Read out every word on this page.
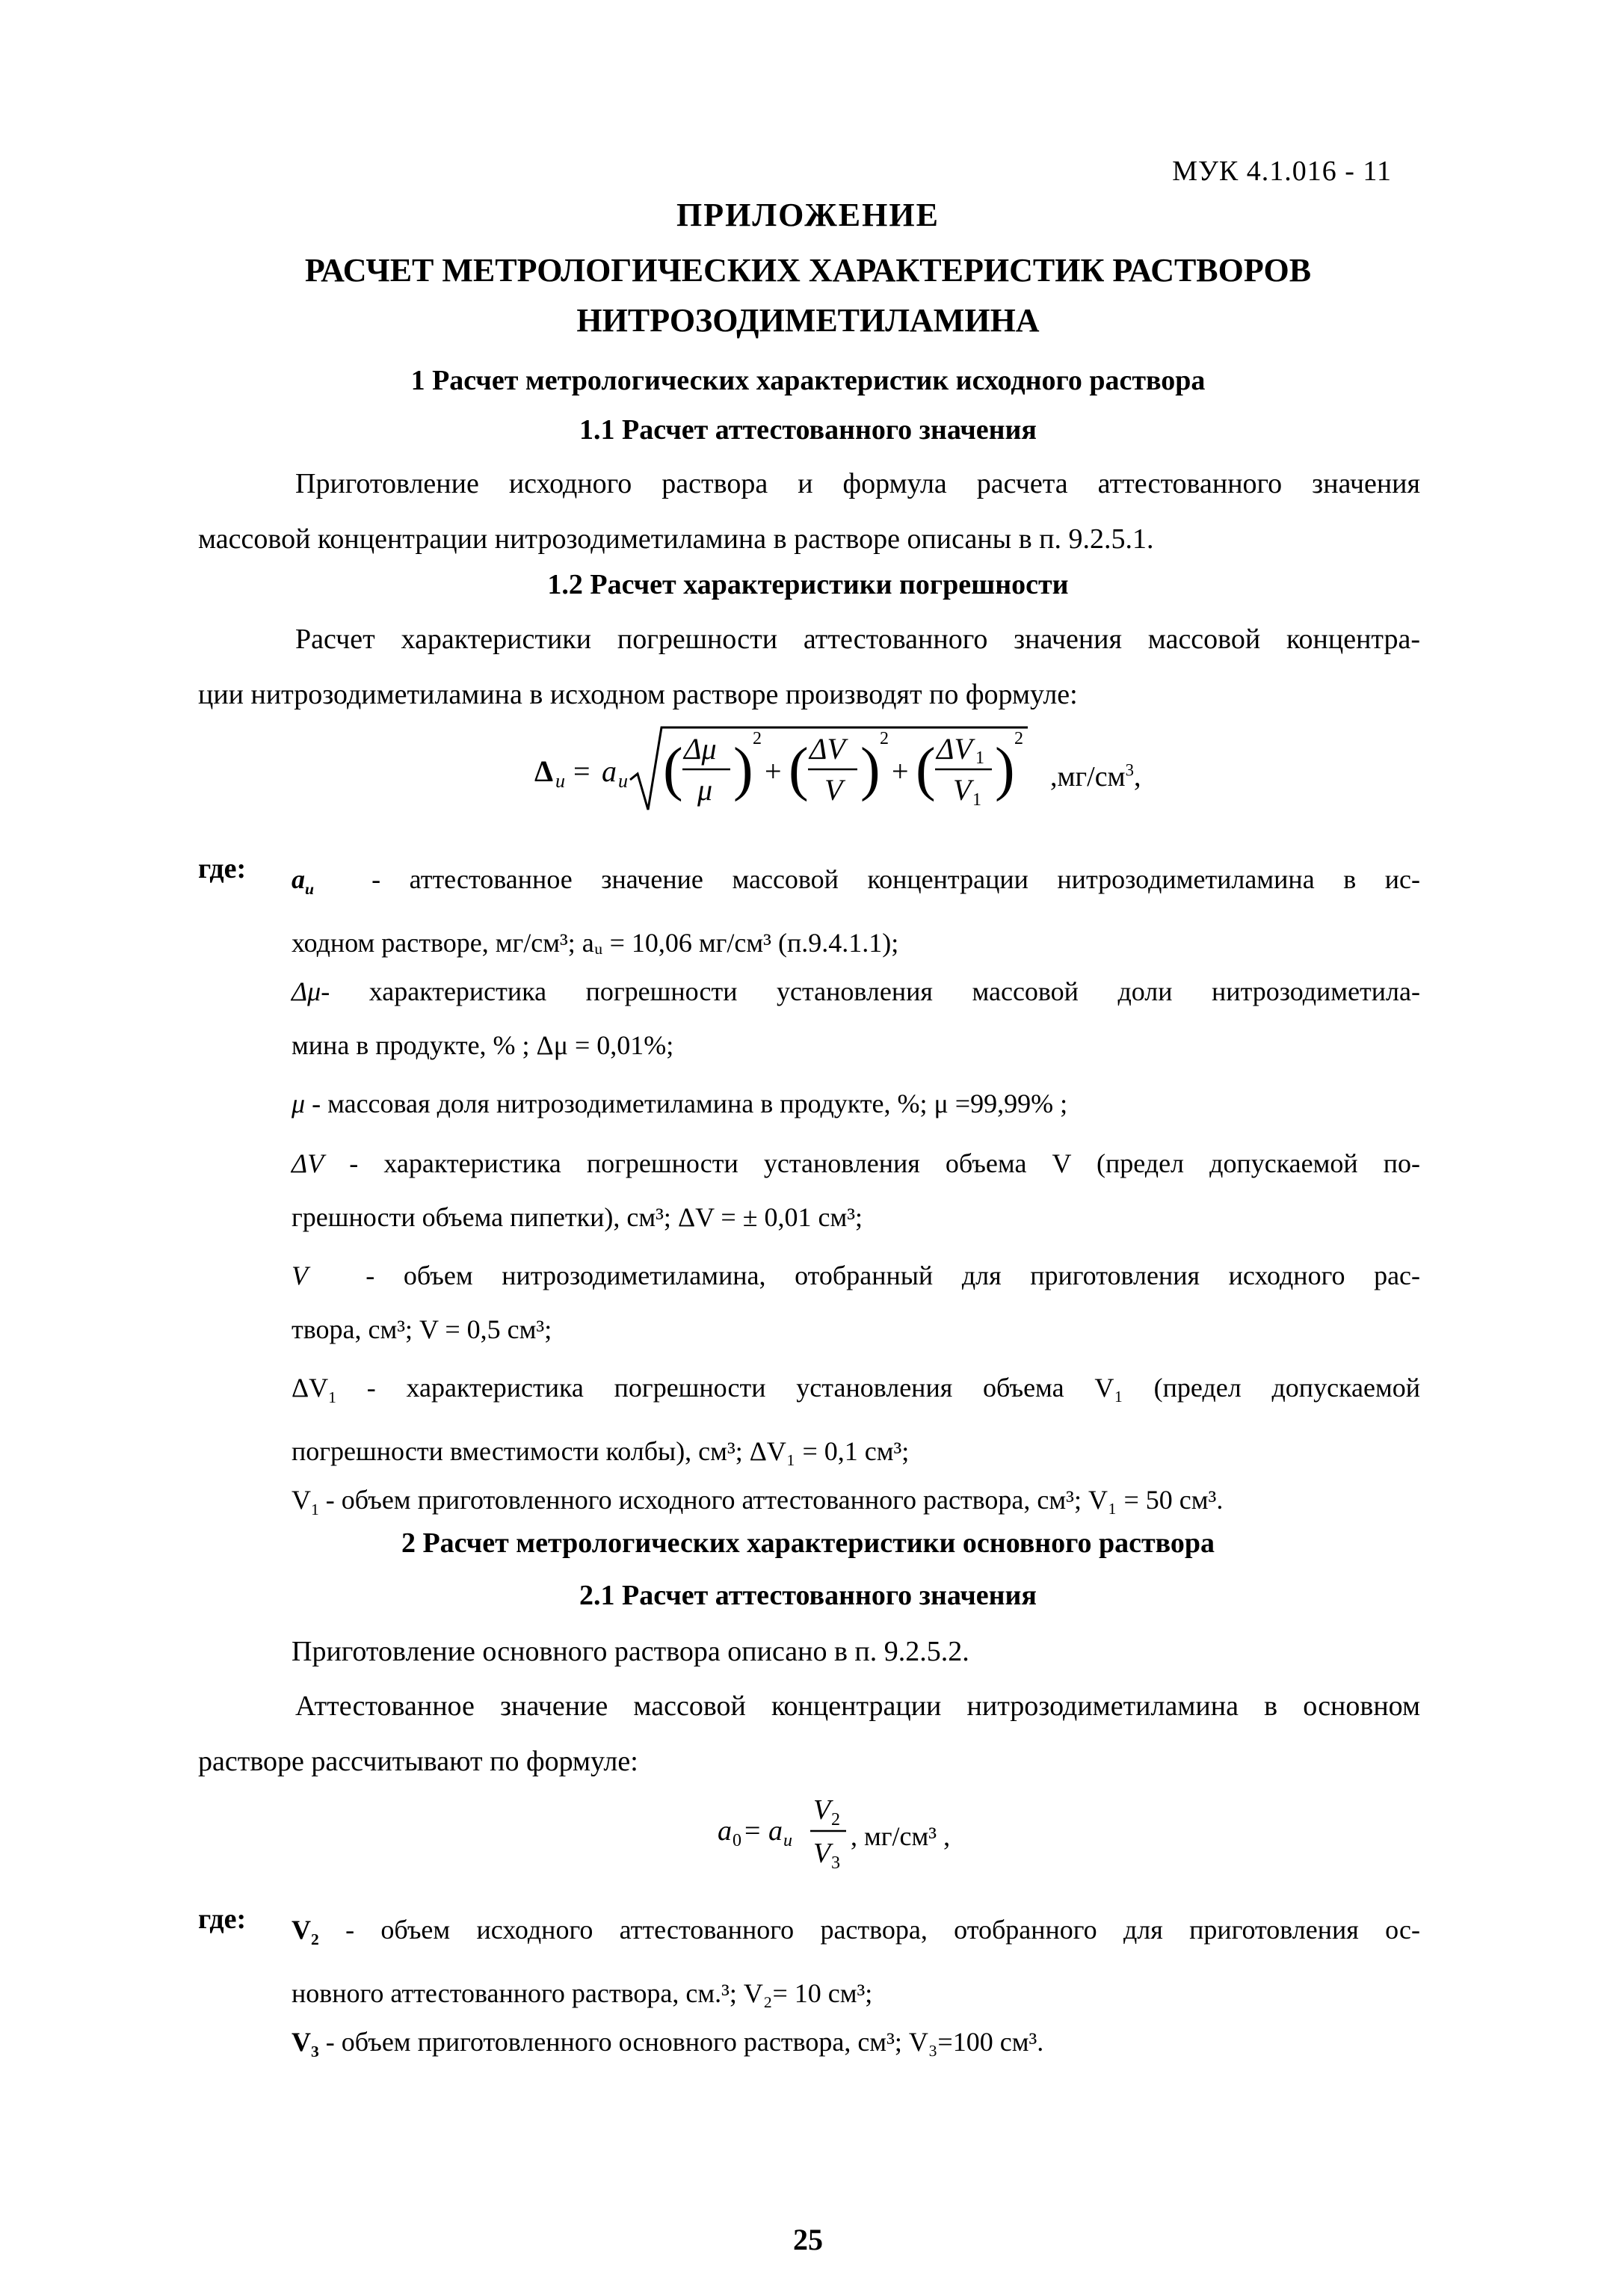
МУК 4.1.016 - 11
ПРИЛОЖЕНИЕ
РАСЧЕТ МЕТРОЛОГИЧЕСКИХ ХАРАКТЕРИСТИК РАСТВОРОВ
НИТРОЗОДИМЕТИЛАМИНА
1 Расчет метрологических характеристик исходного раствора
1.1 Расчет аттестованного значения
Приготовление исходного раствора и формула расчета аттестованного значения
массовой концентрации нитрозодиметиламина в растворе описаны в п. 9.2.5.1.
1.2 Расчет характеристики погрешности
Расчет характеристики погрешности аттестованного значения массовой концентра-
ции нитрозодиметиламина в исходном растворе производят по формуле:
Δ и = a и ( Δμ
μ ) 2
+ ( ΔV
V ) 2
+ ( ΔV 1
V 1 ) 2
$,мг/см^3$,
где: $a_и$ - аттестованное значение массовой концентрации нитрозодиметиламина в ис-
ходном растворе, мг/см³; aᵤ = 10,06 мг/см³ (п.9.4.1.1);
Δμ- характеристика погрешности установления массовой доли нитрозодиметила-
мина в продукте, % ; Δμ = 0,01%;
μ - массовая доля нитрозодиметиламина в продукте, %; μ =99,99% ;
ΔV - характеристика погрешности установления объема V (предел допускаемой по-
грешности объема пипетки), см³; ΔV = ± 0,01 см³;
V - объем нитрозодиметиламина, отобранный для приготовления исходного рас-
твора, см³; V = 0,5 см³;
$\Delta V_1$ - характеристика погрешности установления объема V₁ (предел допускаемой
погрешности вместимости колбы), см³; ΔV₁ = 0,1 см³;
$V_1$ - объем приготовленного исходного аттестованного раствора, см³; V₁ = 50 см³.
2 Расчет метрологических характеристики основного раствора
2.1 Расчет аттестованного значения
Приготовление основного раствора описано в п. 9.2.5.2.
Аттестованное значение массовой концентрации нитрозодиметиламина в основном
растворе рассчитывают по формуле:
a 0 = a и
V 2
V 3
, мг/см³ ,
где: $V_2$ - объем исходного аттестованного раствора, отобранного для приготовления ос-
новного аттестованного раствора, см.³; V₂= 10 см³;
$V_3$ - объем приготовленного основного раствора, см³; V₃=100 см³.
25
